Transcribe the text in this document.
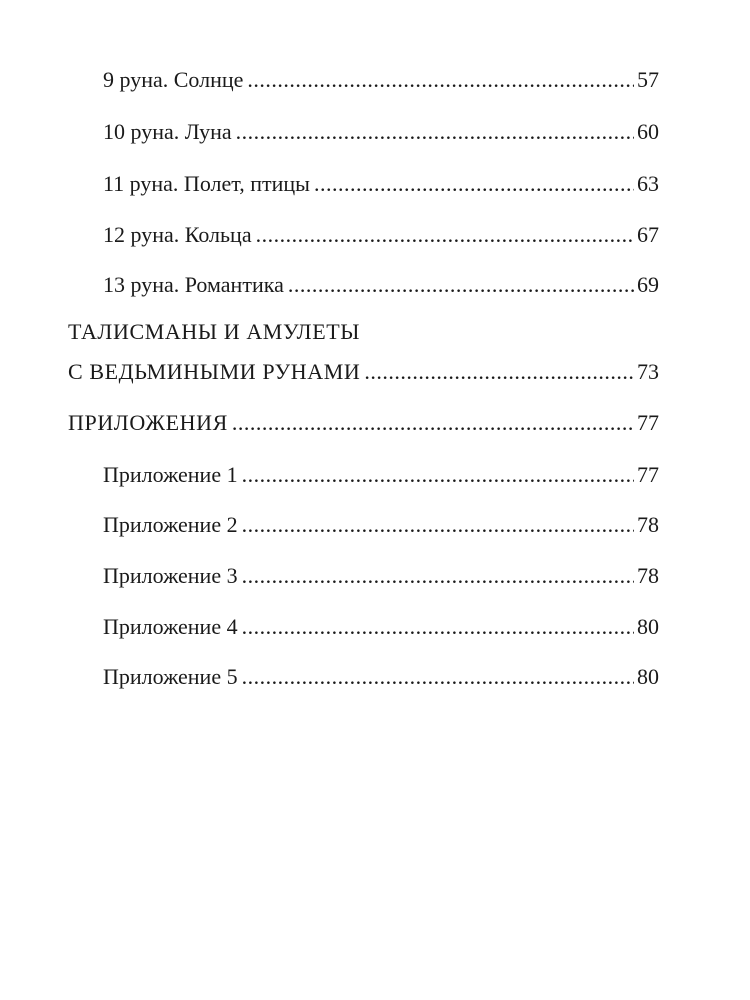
9 руна. Солнце .....	57
10 руна. Луна .....	60
11 руна. Полет, птицы .....	63
12 руна. Кольца .....	67
13 руна. Романтика .....	69
ТАЛИСМАНЫ И АМУЛЕТЫ
С ВЕДЬМИНЫМИ РУНАМИ .....	73
ПРИЛОЖЕНИЯ .....	77
Приложение 1 .....	77
Приложение 2 .....	78
Приложение 3 .....	78
Приложение 4 .....	80
Приложение 5 .....	80
